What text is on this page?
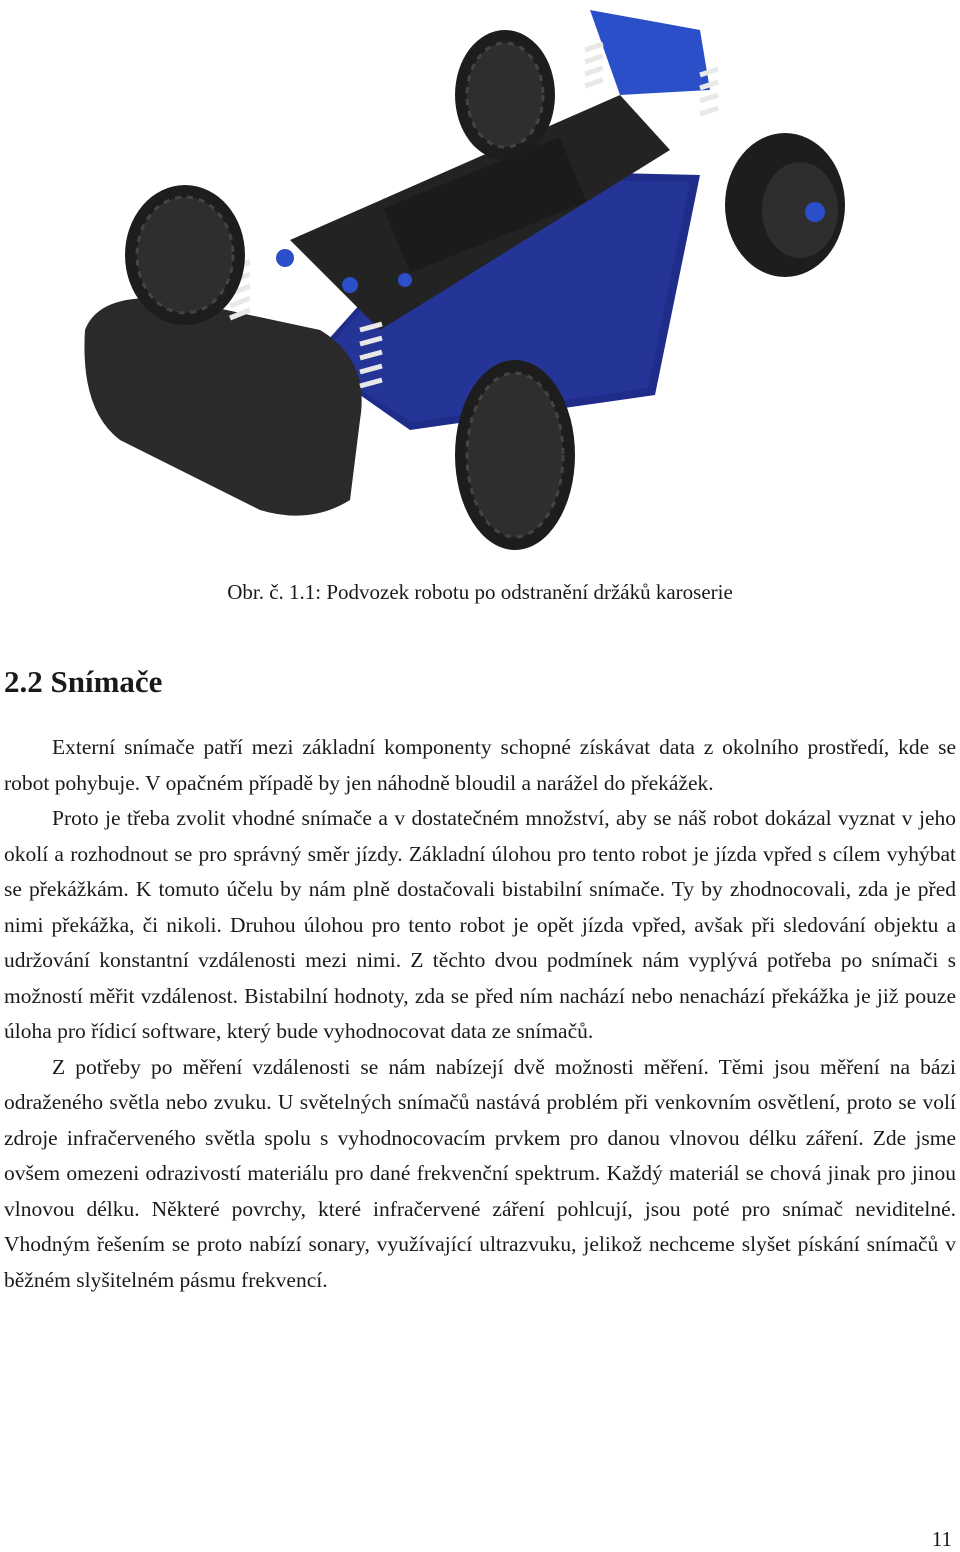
Obr. č. 1.1: Podvozek robotu po odstranění držáků karoserie
2.2 Snímače

Externí snímače patří mezi základní komponenty schopné získávat data z okolního prostředí, kde se robot pohybuje. V opačném případě by jen náhodně bloudil a narážel do překážek.

Proto je třeba zvolit vhodné snímače a v dostatečném množství, aby se náš robot dokázal vyznat v jeho okolí a rozhodnout se pro správný směr jízdy. Základní úlohou pro tento robot je jízda vpřed s cílem vyhýbat se překážkám. K tomuto účelu by nám plně dostačovali bistabilní snímače. Ty by zhodnocovali, zda je před nimi překážka, či nikoli. Druhou úlohou pro tento robot je opět jízda vpřed, avšak při sledování objektu a udržování konstantní vzdálenosti mezi nimi. Z těchto dvou podmínek nám vyplývá potřeba po snímači s možností měřit vzdálenost. Bistabilní hodnoty, zda se před ním nachází nebo nenachází překážka je již pouze úloha pro řídicí software, který bude vyhodnocovat data ze snímačů.

Z potřeby po měření vzdálenosti se nám nabízejí dvě možnosti měření. Těmi jsou měření na bázi odraženého světla nebo zvuku. U světelných snímačů nastává problém při venkovním osvětlení, proto se volí zdroje infračerveného světla spolu s vyhodnocovacím prvkem pro danou vlnovou délku záření. Zde jsme ovšem omezeni odrazivostí materiálu pro dané frekvenční spektrum. Každý materiál se chová jinak pro jinou vlnovou délku. Některé povrchy, které infračervené záření pohlcují, jsou poté pro snímač neviditelné. Vhodným řešením se proto nabízí sonary, využívající ultrazvuku, jelikož nechceme slyšet pískání snímačů v běžném slyšitelném pásmu frekvencí.

11
